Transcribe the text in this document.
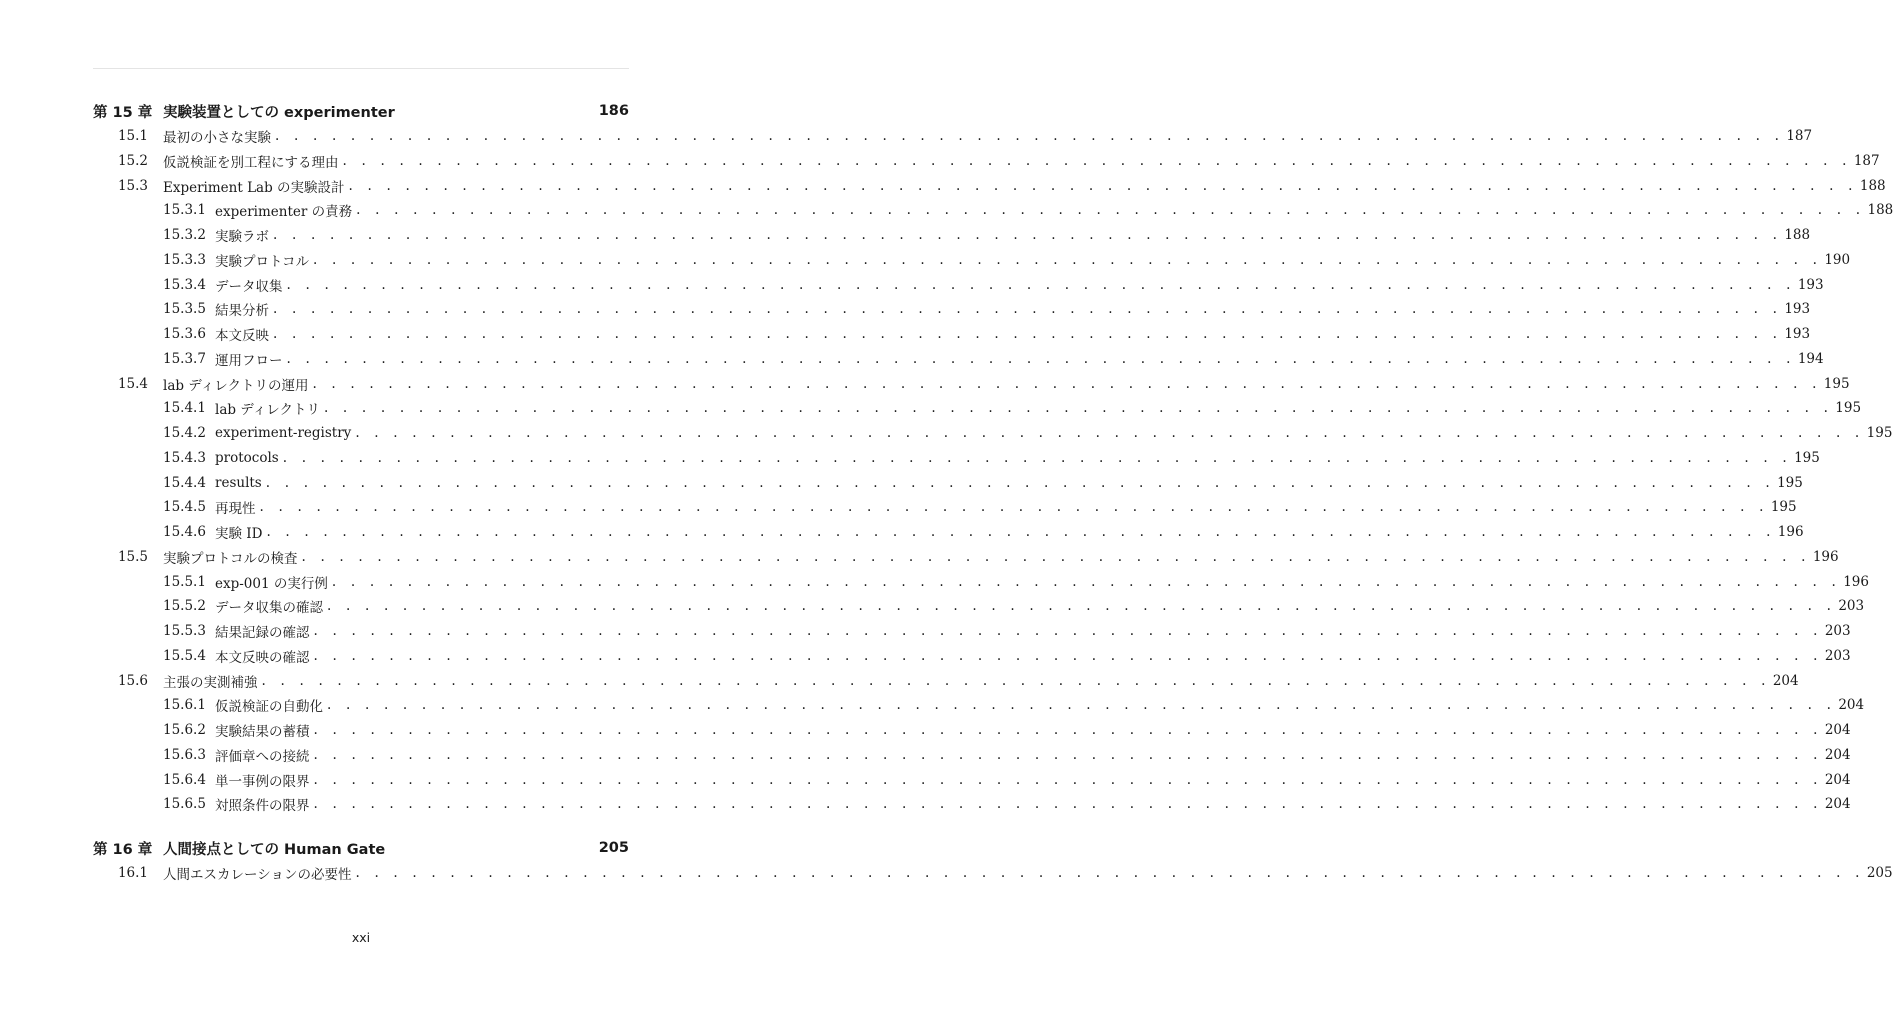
第 15 章 実験装置としての experimenter	186
15.1 最初の小さな実験 . . . . . . . . . . . . . . . . . . . . . . . . . . . . . . . . . . . . . . . . . . . . . . . . . . . . . . . . . . . . . . . . . . . . . . . . . . . . . . . . 187
15.2 仮説検証を別工程にする理由 . . . . . . . . . . . . . . . . . . . . . . . . . . . . . . . . . . . . . . . . . . . . . . . . . . . . . . . . . . . . . . . . . . . . . . . . . . . . . . . . 187
15.3 Experiment Lab の実験設計 . . . . . . . . . . . . . . . . . . . . . . . . . . . . . . . . . . . . . . . . . . . . . . . . . . . . . . . . . . . . . . . . . . . . . . . . . . . . . . . . 188
15.3.1 experimenter の責務 . . . . . . . . . . . . . . . . . . . . . . . . . . . . . . . . . . . . . . . . . . . . . . . . . . . . . . . . . . . . . . . . . . . . . . . . . . . . . . . . 188
15.3.2 実験ラボ . . . . . . . . . . . . . . . . . . . . . . . . . . . . . . . . . . . . . . . . . . . . . . . . . . . . . . . . . . . . . . . . . . . . . . . . . . . . . . . . 188
15.3.3 実験プロトコル . . . . . . . . . . . . . . . . . . . . . . . . . . . . . . . . . . . . . . . . . . . . . . . . . . . . . . . . . . . . . . . . . . . . . . . . . . . . . . . . 190
15.3.4 データ収集 . . . . . . . . . . . . . . . . . . . . . . . . . . . . . . . . . . . . . . . . . . . . . . . . . . . . . . . . . . . . . . . . . . . . . . . . . . . . . . . . 193
15.3.5 結果分析 . . . . . . . . . . . . . . . . . . . . . . . . . . . . . . . . . . . . . . . . . . . . . . . . . . . . . . . . . . . . . . . . . . . . . . . . . . . . . . . . 193
15.3.6 本文反映 . . . . . . . . . . . . . . . . . . . . . . . . . . . . . . . . . . . . . . . . . . . . . . . . . . . . . . . . . . . . . . . . . . . . . . . . . . . . . . . . 193
15.3.7 運用フロー . . . . . . . . . . . . . . . . . . . . . . . . . . . . . . . . . . . . . . . . . . . . . . . . . . . . . . . . . . . . . . . . . . . . . . . . . . . . . . . . 194
15.4 lab ディレクトリの運用 . . . . . . . . . . . . . . . . . . . . . . . . . . . . . . . . . . . . . . . . . . . . . . . . . . . . . . . . . . . . . . . . . . . . . . . . . . . . . . . . 195
15.4.1 lab ディレクトリ . . . . . . . . . . . . . . . . . . . . . . . . . . . . . . . . . . . . . . . . . . . . . . . . . . . . . . . . . . . . . . . . . . . . . . . . . . . . . . . . 195
15.4.2 experiment-registry . . . . . . . . . . . . . . . . . . . . . . . . . . . . . . . . . . . . . . . . . . . . . . . . . . . . . . . . . . . . . . . . . . . . . . . . . . . . . . . . 195
15.4.3 protocols . . . . . . . . . . . . . . . . . . . . . . . . . . . . . . . . . . . . . . . . . . . . . . . . . . . . . . . . . . . . . . . . . . . . . . . . . . . . . . . . 195
15.4.4 results . . . . . . . . . . . . . . . . . . . . . . . . . . . . . . . . . . . . . . . . . . . . . . . . . . . . . . . . . . . . . . . . . . . . . . . . . . . . . . . . 195
15.4.5 再現性 . . . . . . . . . . . . . . . . . . . . . . . . . . . . . . . . . . . . . . . . . . . . . . . . . . . . . . . . . . . . . . . . . . . . . . . . . . . . . . . . 195
15.4.6 実験 ID . . . . . . . . . . . . . . . . . . . . . . . . . . . . . . . . . . . . . . . . . . . . . . . . . . . . . . . . . . . . . . . . . . . . . . . . . . . . . . . . 196
15.5 実験プロトコルの検査 . . . . . . . . . . . . . . . . . . . . . . . . . . . . . . . . . . . . . . . . . . . . . . . . . . . . . . . . . . . . . . . . . . . . . . . . . . . . . . . . 196
15.5.1 exp-001 の実行例 . . . . . . . . . . . . . . . . . . . . . . . . . . . . . . . . . . . . . . . . . . . . . . . . . . . . . . . . . . . . . . . . . . . . . . . . . . . . . . . . 196
15.5.2 データ収集の確認 . . . . . . . . . . . . . . . . . . . . . . . . . . . . . . . . . . . . . . . . . . . . . . . . . . . . . . . . . . . . . . . . . . . . . . . . . . . . . . . . 203
15.5.3 結果記録の確認 . . . . . . . . . . . . . . . . . . . . . . . . . . . . . . . . . . . . . . . . . . . . . . . . . . . . . . . . . . . . . . . . . . . . . . . . . . . . . . . . 203
15.5.4 本文反映の確認 . . . . . . . . . . . . . . . . . . . . . . . . . . . . . . . . . . . . . . . . . . . . . . . . . . . . . . . . . . . . . . . . . . . . . . . . . . . . . . . . 203
15.6 主張の実測補強 . . . . . . . . . . . . . . . . . . . . . . . . . . . . . . . . . . . . . . . . . . . . . . . . . . . . . . . . . . . . . . . . . . . . . . . . . . . . . . . . 204
15.6.1 仮説検証の自動化 . . . . . . . . . . . . . . . . . . . . . . . . . . . . . . . . . . . . . . . . . . . . . . . . . . . . . . . . . . . . . . . . . . . . . . . . . . . . . . . . 204
15.6.2 実験結果の蓄積 . . . . . . . . . . . . . . . . . . . . . . . . . . . . . . . . . . . . . . . . . . . . . . . . . . . . . . . . . . . . . . . . . . . . . . . . . . . . . . . . 204
15.6.3 評価章への接続 . . . . . . . . . . . . . . . . . . . . . . . . . . . . . . . . . . . . . . . . . . . . . . . . . . . . . . . . . . . . . . . . . . . . . . . . . . . . . . . . 204
15.6.4 単一事例の限界 . . . . . . . . . . . . . . . . . . . . . . . . . . . . . . . . . . . . . . . . . . . . . . . . . . . . . . . . . . . . . . . . . . . . . . . . . . . . . . . . 204
15.6.5 対照条件の限界 . . . . . . . . . . . . . . . . . . . . . . . . . . . . . . . . . . . . . . . . . . . . . . . . . . . . . . . . . . . . . . . . . . . . . . . . . . . . . . . . 204
第 16 章 人間接点としての Human Gate	205
16.1 人間エスカレーションの必要性 . . . . . . . . . . . . . . . . . . . . . . . . . . . . . . . . . . . . . . . . . . . . . . . . . . . . . . . . . . . . . . . . . . . . . . . . . . . . . . . . 205
xxi
